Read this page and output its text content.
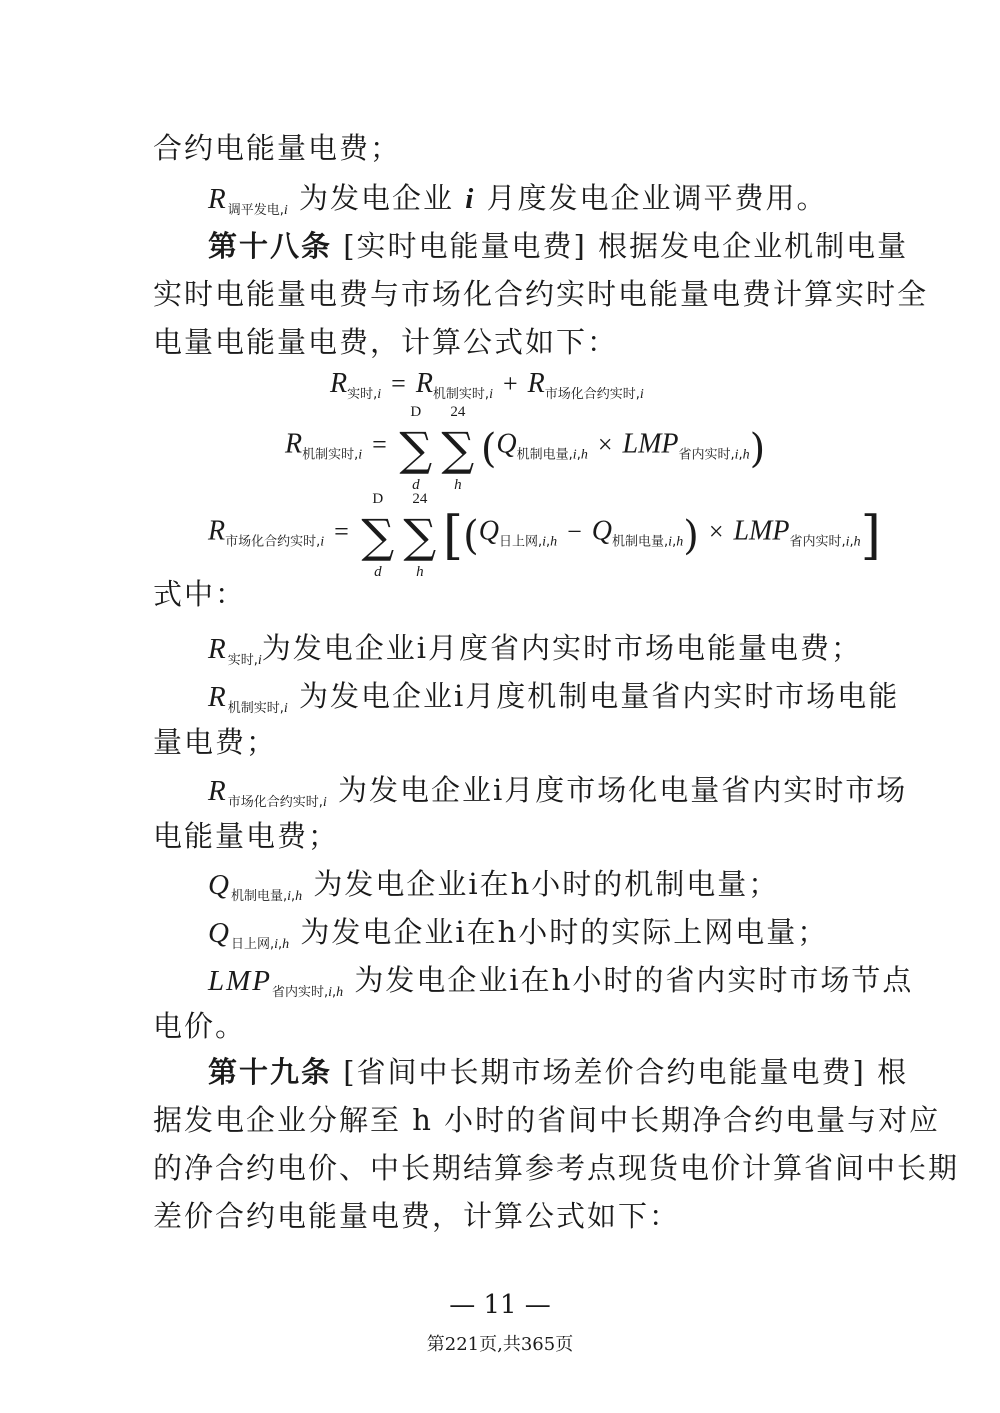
合约电能量电费；
$R_{调平发电,i}$ 为发电企业 i 月度发电企业调平费用。
第十八条 [实时电能量电费] 根据发电企业机制电量
实时电能量电费与市场化合约实时电能量电费计算实时全
电量电能量电费，计算公式如下：
$R_{实时,i} = R_{机制实时,i} + R_{市场化合约实时,i}$
$R_{机制实时,i}$ =
D
∑
d

24
∑
h
$(Q_{机制电量,i,h} \times LMP_{省内实时,i,h})$
$R_{市场化合约实时,i}$ =
D
∑
d

24
∑
h
$[(Q_{日上网,i,h} - Q_{机制电量,i,h}) \times LMP_{省内实时,i,h}]$
式中：
$R_{实时,i}$为发电企业i月度省内实时市场电能量电费；
$R_{机制实时,i}$ 为发电企业i月度机制电量省内实时市场电能
量电费；
$R_{市场化合约实时,i}$ 为发电企业i月度市场化电量省内实时市场
电能量电费；
$Q_{机制电量,i,h}$ 为发电企业i在h小时的机制电量；
$Q_{日上网,i,h}$ 为发电企业i在h小时的实际上网电量；
$LMP_{省内实时,i,h}$ 为发电企业i在h小时的省内实时市场节点
电价。
第十九条 [省间中长期市场差价合约电能量电费] 根
据发电企业分解至 h 小时的省间中长期净合约电量与对应
的净合约电价、中长期结算参考点现货电价计算省间中长期
差价合约电能量电费，计算公式如下：
— 11 —
第221页,共365页
